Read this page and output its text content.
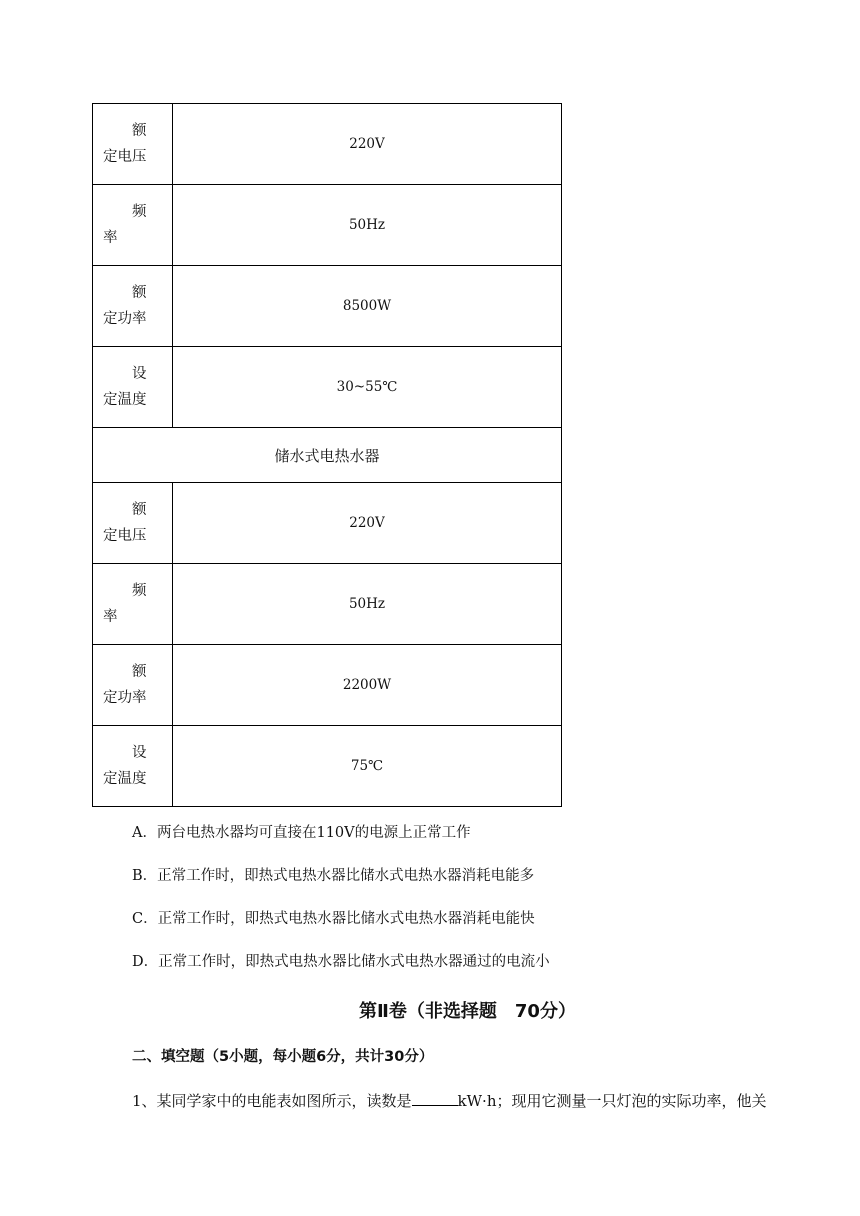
额定电压	220V

频率	50Hz

额定功率	8500W

设定温度	30~55℃
储水式电热水器	

额定电压	220V

频率	50Hz

额定功率	2200W

设定温度	75℃
A．两台电热水器均可直接在110V的电源上正常工作
B．正常工作时，即热式电热水器比储水式电热水器消耗电能多
C．正常工作时，即热式电热水器比储水式电热水器消耗电能快
D．正常工作时，即热式电热水器比储水式电热水器通过的电流小
第Ⅱ卷（非选择题　70分）
二、填空题（5小题，每小题6分，共计30分）
1、某同学家中的电能表如图所示，读数是	kW·h；现用它测量一只灯泡的实际功率，他关
